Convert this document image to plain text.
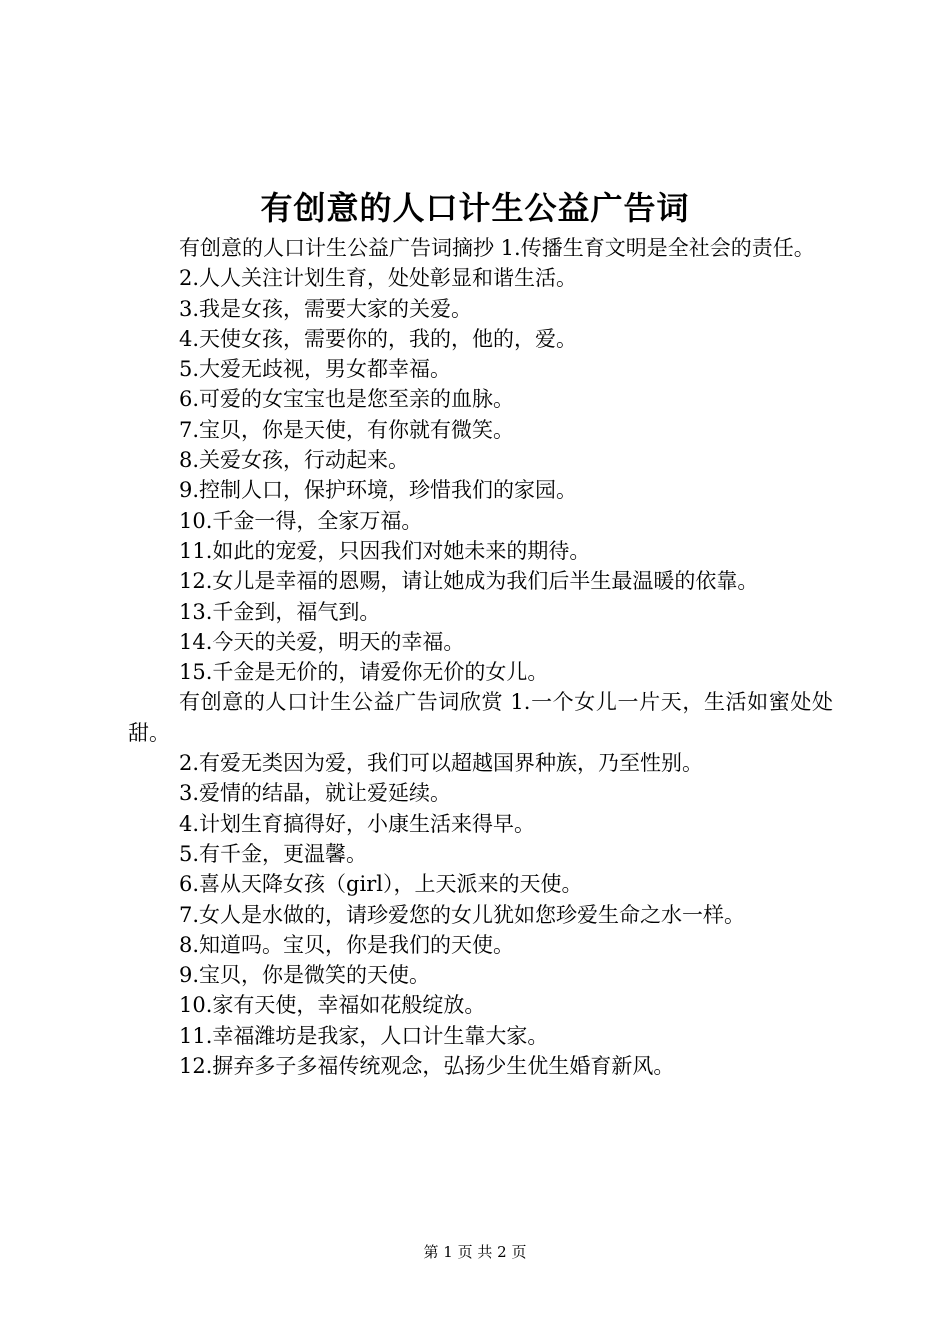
有创意的人口计生公益广告词

有创意的人口计生公益广告词摘抄 1.传播生育文明是全社会的责任。

2.人人关注计划生育，处处彰显和谐生活。

3.我是女孩，需要大家的关爱。

4.天使女孩，需要你的，我的，他的，爱。

5.大爱无歧视，男女都幸福。

6.可爱的女宝宝也是您至亲的血脉。

7.宝贝，你是天使，有你就有微笑。

8.关爱女孩，行动起来。

9.控制人口，保护环境，珍惜我们的家园。

10.千金一得，全家万福。

11.如此的宠爱，只因我们对她未来的期待。

12.女儿是幸福的恩赐，请让她成为我们后半生最温暖的依靠。

13.千金到，福气到。

14.今天的关爱，明天的幸福。

15.千金是无价的，请爱你无价的女儿。

有创意的人口计生公益广告词欣赏 1.一个女儿一片天，生活如蜜处处甜。

2.有爱无类因为爱，我们可以超越国界种族，乃至性别。

3.爱情的结晶，就让爱延续。

4.计划生育搞得好，小康生活来得早。

5.有千金，更温馨。

6.喜从天降女孩（girl），上天派来的天使。

7.女人是水做的，请珍爱您的女儿犹如您珍爱生命之水一样。

8.知道吗。宝贝，你是我们的天使。

9.宝贝，你是微笑的天使。

10.家有天使，幸福如花般绽放。

11.幸福潍坊是我家，人口计生靠大家。

12.摒弃多子多福传统观念，弘扬少生优生婚育新风。

第 1 页 共 2 页
